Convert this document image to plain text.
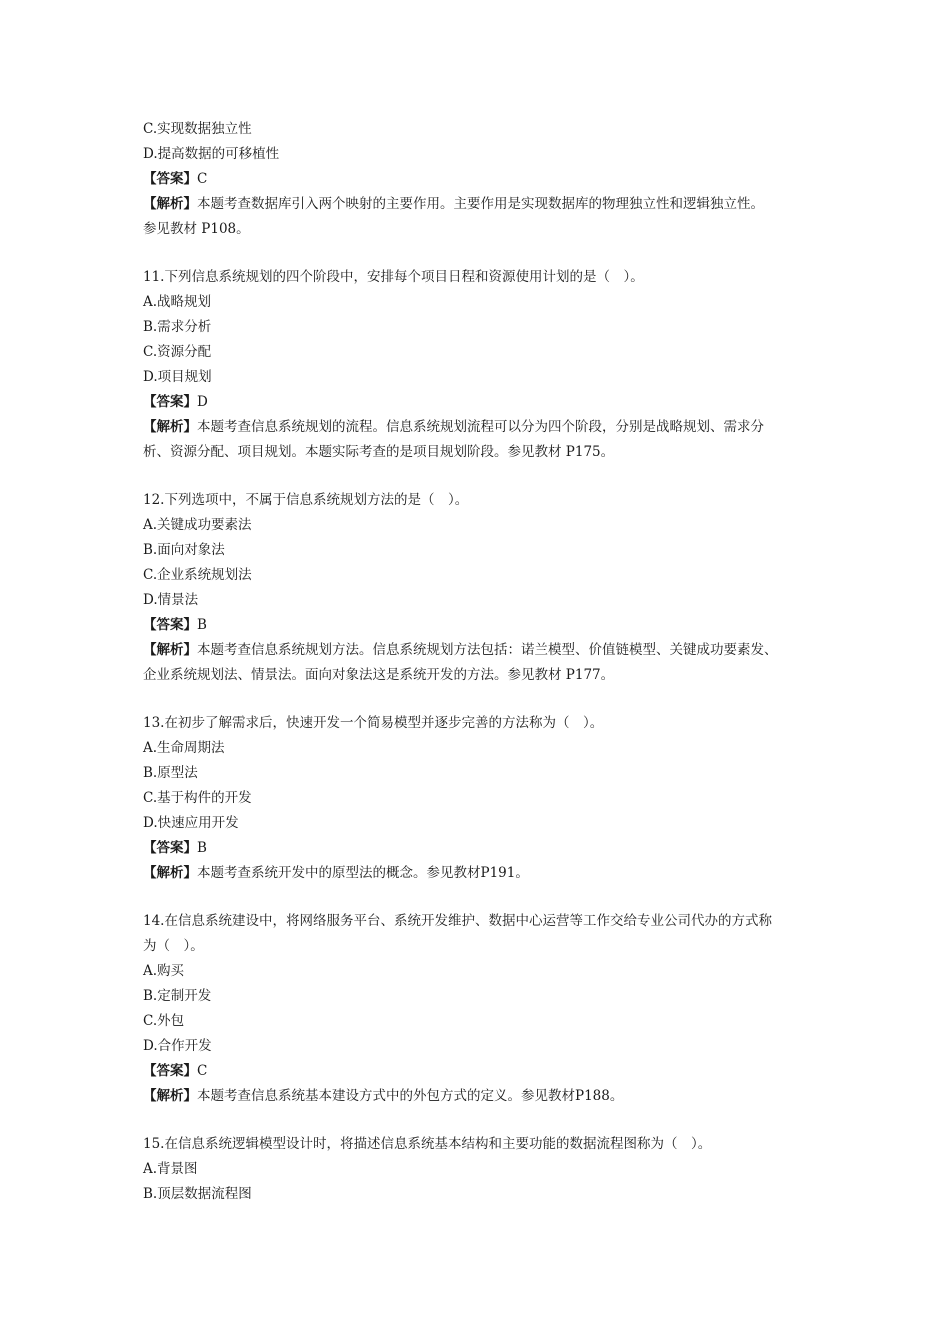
C.实现数据独立性
D.提高数据的可移植性
【答案】C
【解析】本题考查数据库引入两个映射的主要作用。主要作用是实现数据库的物理独立性和逻辑独立性。
参见教材 P108。
11.下列信息系统规划的四个阶段中，安排每个项目日程和资源使用计划的是（　）。
A.战略规划
B.需求分析
C.资源分配
D.项目规划
【答案】D
【解析】本题考查信息系统规划的流程。信息系统规划流程可以分为四个阶段，分别是战略规划、需求分
析、资源分配、项目规划。本题实际考查的是项目规划阶段。参见教材 P175。
12.下列选项中，不属于信息系统规划方法的是（　）。
A.关键成功要素法
B.面向对象法
C.企业系统规划法
D.情景法
【答案】B
【解析】本题考查信息系统规划方法。信息系统规划方法包括：诺兰模型、价值链模型、关键成功要素发、
企业系统规划法、情景法。面向对象法这是系统开发的方法。参见教材 P177。
13.在初步了解需求后，快速开发一个简易模型并逐步完善的方法称为（　）。
A.生命周期法
B.原型法
C.基于构件的开发
D.快速应用开发
【答案】B
【解析】本题考查系统开发中的原型法的概念。参见教材P191。
14.在信息系统建设中，将网络服务平台、系统开发维护、数据中心运营等工作交给专业公司代办的方式称
为（　）。
A.购买
B.定制开发
C.外包
D.合作开发
【答案】C
【解析】本题考查信息系统基本建设方式中的外包方式的定义。参见教材P188。
15.在信息系统逻辑模型设计时，将描述信息系统基本结构和主要功能的数据流程图称为（　）。
A.背景图
B.顶层数据流程图
